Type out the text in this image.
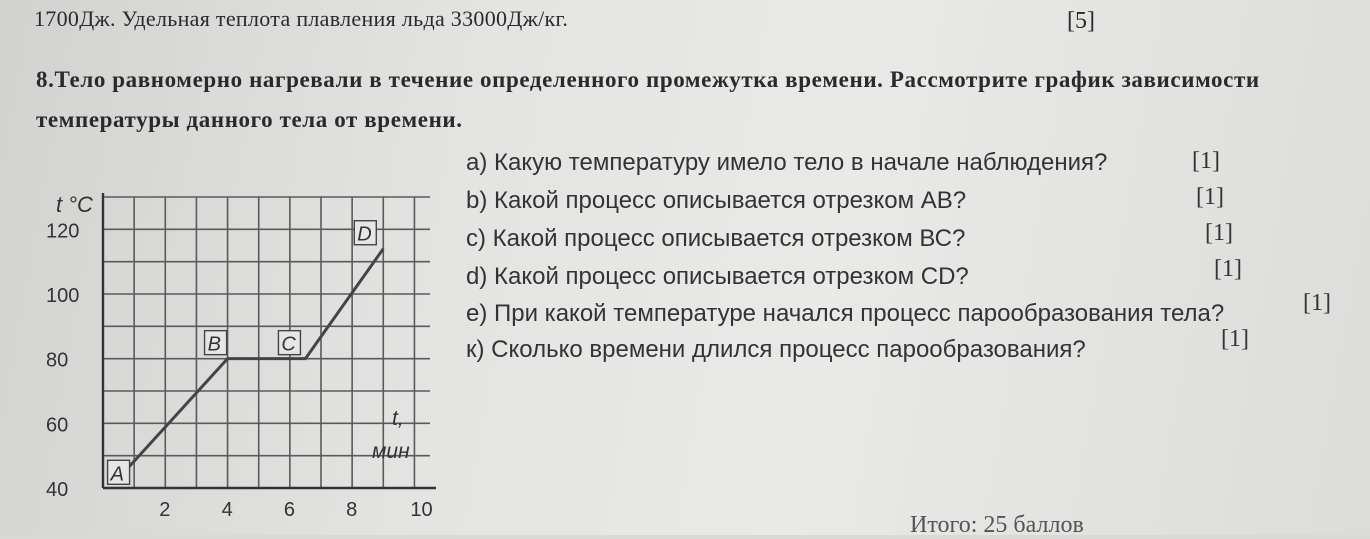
1700Дж. Удельная теплота плавления льда 33000Дж/кг.	[5]
8.Тело равномерно нагревали в течение определенного промежутка времени. Рассмотрите график зависимости температуры данного тела от времени.
a) Какую температуру имело тело в начале наблюдения?	[1]
b) Какой процесс описывается отрезком АВ?	[1]
c) Какой процесс описывается отрезком ВС?	[1]
d) Какой процесс описывается отрезком CD?	[1]
e) При какой температуре начался процесс парообразования тела?	[1]
к) Сколько времени длился процесс парообразования?	[1]
Итого: 25 баллов
40
60
80
100
120
2	4	6	8	10
A
B	C
D
t °C
t, мин
